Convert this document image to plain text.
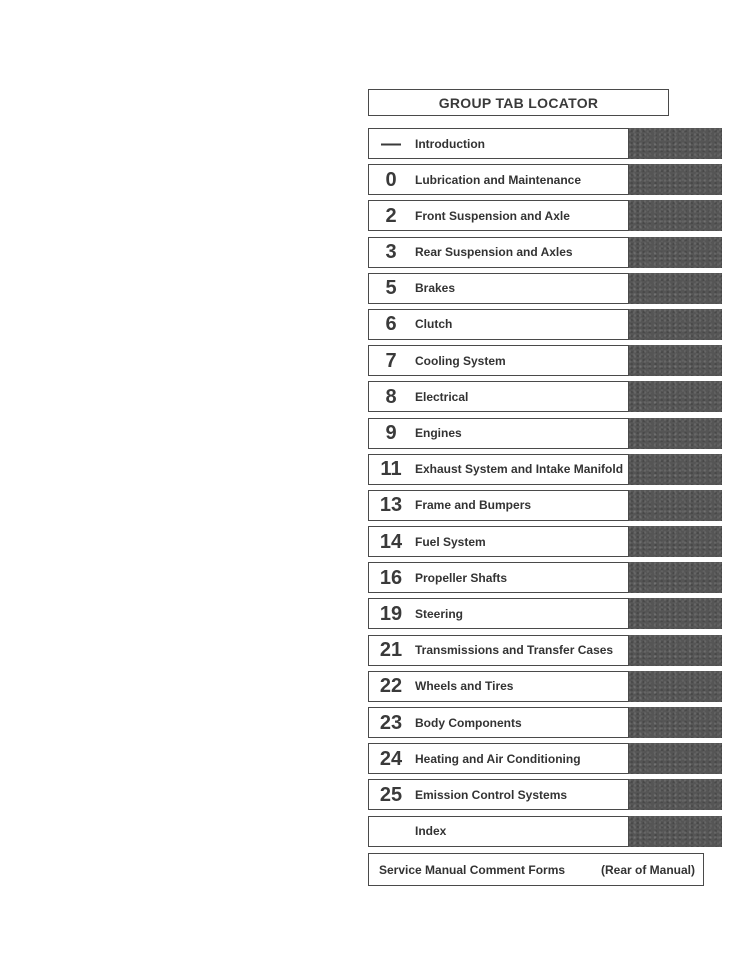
GROUP TAB LOCATOR
—	Introduction
0	Lubrication and Maintenance
2	Front Suspension and Axle
3	Rear Suspension and Axles
5	Brakes
6	Clutch
7	Cooling System
8	Electrical
9	Engines
11	Exhaust System and Intake Manifold
13	Frame and Bumpers
14	Fuel System
16	Propeller Shafts
19	Steering
21	Transmissions and Transfer Cases
22	Wheels and Tires
23	Body Components
24	Heating and Air Conditioning
25	Emission Control Systems
Index
Service Manual Comment Forms	(Rear of Manual)
